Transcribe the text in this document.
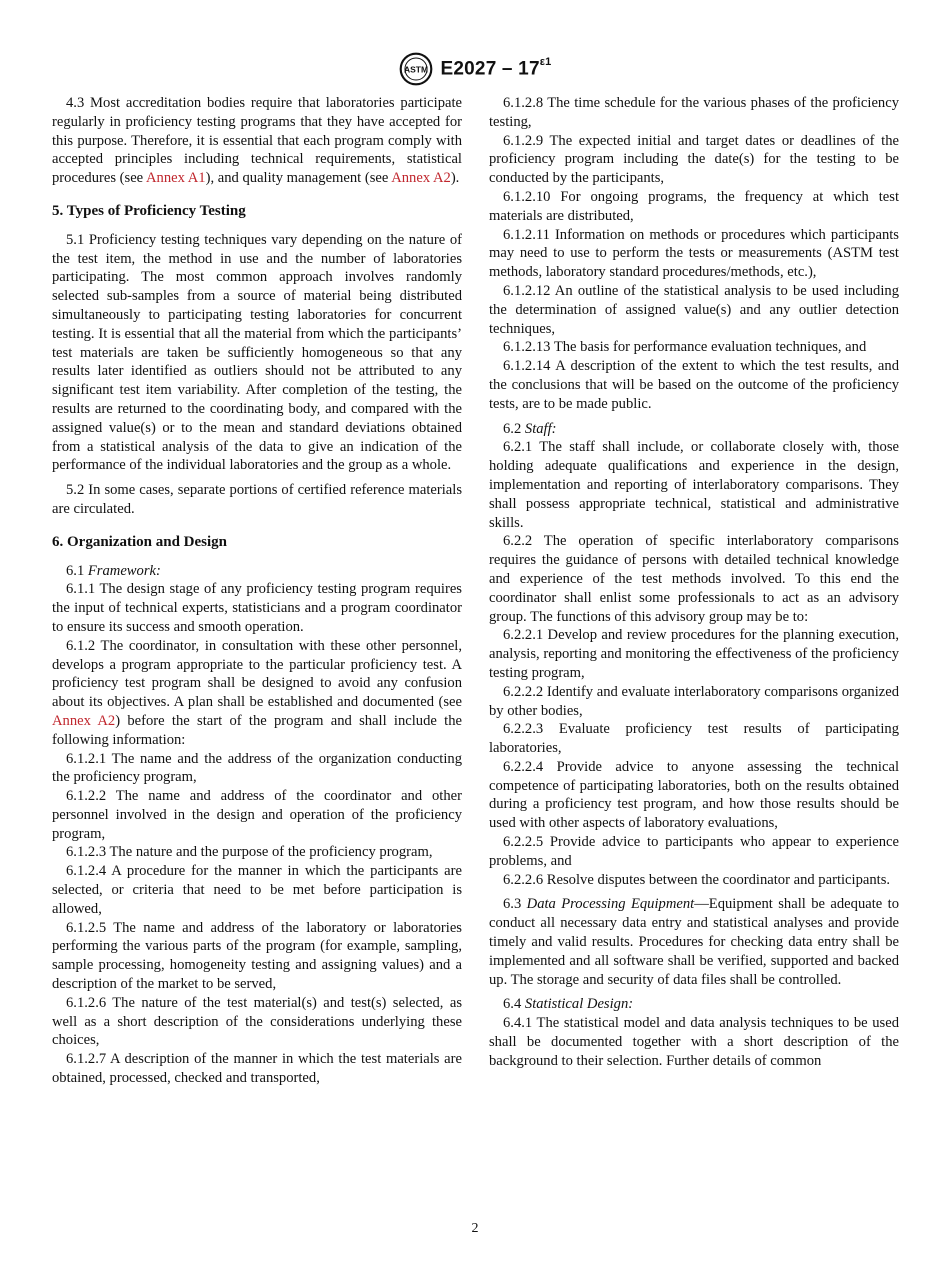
ASTM $E2027 - 17^{\varepsilon 1}$

4.3 Most accreditation bodies require that laboratories participate regularly in proficiency testing programs that they have accepted for this purpose. Therefore, it is essential that each program comply with accepted principles including technical requirements, statistical procedures (see Annex A1), and quality management (see Annex A2).

5. Types of Proficiency Testing

5.1 Proficiency testing techniques vary depending on the nature of the test item, the method in use and the number of laboratories participating. The most common approach involves randomly selected sub-samples from a source of material being distributed simultaneously to participating testing laboratories for concurrent testing. It is essential that all the material from which the participants’ test materials are taken be sufficiently homogeneous so that any results later identified as outliers should not be attributed to any significant test item variability. After completion of the testing, the results are returned to the coordinating body, and compared with the assigned value(s) or to the mean and standard deviations obtained from a statistical analysis of the data to give an indication of the performance of the individual laboratories and the group as a whole.

5.2 In some cases, separate portions of certified reference materials are circulated.

6. Organization and Design

6.1 Framework:

6.1.1 The design stage of any proficiency testing program requires the input of technical experts, statisticians and a program coordinator to ensure its success and smooth operation.

6.1.2 The coordinator, in consultation with these other personnel, develops a program appropriate to the particular proficiency test. A proficiency test program shall be designed to avoid any confusion about its objectives. A plan shall be established and documented (see Annex A2) before the start of the program and shall include the following information:

6.1.2.1 The name and the address of the organization conducting the proficiency program,

6.1.2.2 The name and address of the coordinator and other personnel involved in the design and operation of the proficiency program,

6.1.2.3 The nature and the purpose of the proficiency program,

6.1.2.4 A procedure for the manner in which the participants are selected, or criteria that need to be met before participation is allowed,

6.1.2.5 The name and address of the laboratory or laboratories performing the various parts of the program (for example, sampling, sample processing, homogeneity testing and assigning values) and a description of the market to be served,

6.1.2.6 The nature of the test material(s) and test(s) selected, as well as a short description of the considerations underlying these choices,

6.1.2.7 A description of the manner in which the test materials are obtained, processed, checked and transported,

6.1.2.8 The time schedule for the various phases of the proficiency testing,

6.1.2.9 The expected initial and target dates or deadlines of the proficiency program including the date(s) for the testing to be conducted by the participants,

6.1.2.10 For ongoing programs, the frequency at which test materials are distributed,

6.1.2.11 Information on methods or procedures which participants may need to use to perform the tests or measurements (ASTM test methods, laboratory standard procedures/methods, etc.),

6.1.2.12 An outline of the statistical analysis to be used including the determination of assigned value(s) and any outlier detection techniques,

6.1.2.13 The basis for performance evaluation techniques, and

6.1.2.14 A description of the extent to which the test results, and the conclusions that will be based on the outcome of the proficiency tests, are to be made public.

6.2 Staff:

6.2.1 The staff shall include, or collaborate closely with, those holding adequate qualifications and experience in the design, implementation and reporting of interlaboratory comparisons. They shall possess appropriate technical, statistical and administrative skills.

6.2.2 The operation of specific interlaboratory comparisons requires the guidance of persons with detailed technical knowledge and experience of the test methods involved. To this end the coordinator shall enlist some professionals to act as an advisory group. The functions of this advisory group may be to:

6.2.2.1 Develop and review procedures for the planning execution, analysis, reporting and monitoring the effectiveness of the proficiency testing program,

6.2.2.2 Identify and evaluate interlaboratory comparisons organized by other bodies,

6.2.2.3 Evaluate proficiency test results of participating laboratories,

6.2.2.4 Provide advice to anyone assessing the technical competence of participating laboratories, both on the results obtained during a proficiency test program, and how those results should be used with other aspects of laboratory evaluations,

6.2.2.5 Provide advice to participants who appear to experience problems, and

6.2.2.6 Resolve disputes between the coordinator and participants.

6.3 Data Processing Equipment—Equipment shall be adequate to conduct all necessary data entry and statistical analyses and provide timely and valid results. Procedures for checking data entry shall be implemented and all software shall be verified, supported and backed up. The storage and security of data files shall be controlled.

6.4 Statistical Design:

6.4.1 The statistical model and data analysis techniques to be used shall be documented together with a short description of the background to their selection. Further details of common

2
